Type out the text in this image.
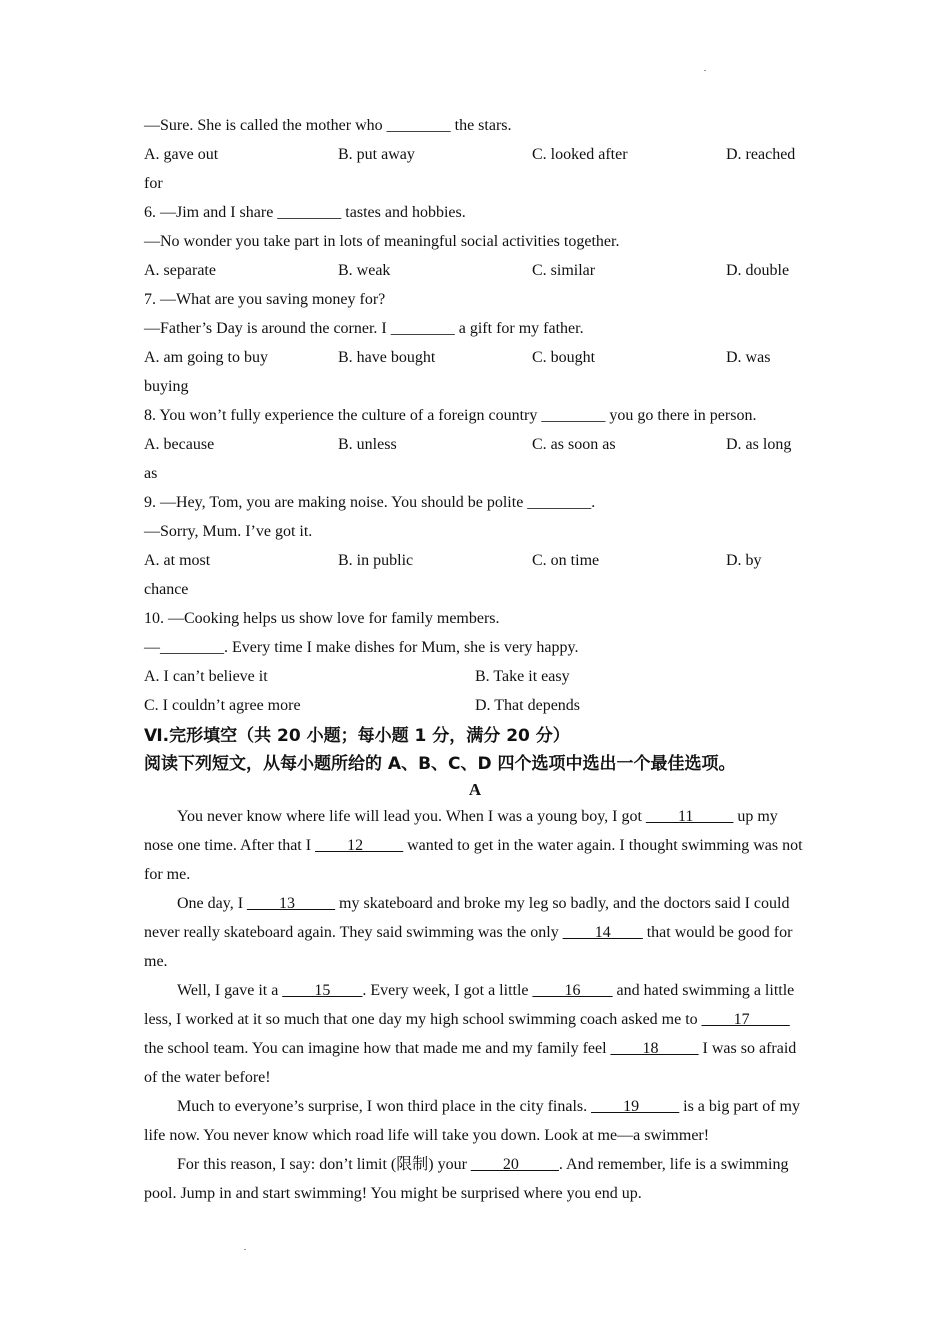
—Sure. She is called the mother who ________ the stars.
A. gave out	B. put away	C. looked after	D. reached
for
6. —Jim and I share ________ tastes and hobbies.
—No wonder you take part in lots of meaningful social activities together.
A. separate	B. weak	C. similar	D. double
7. —What are you saving money for?
—Father’s Day is around the corner. I ________ a gift for my father.
A. am going to buy	B. have bought	C. bought	D. was
buying
8. You won’t fully experience the culture of a foreign country ________ you go there in person.
A. because	B. unless	C. as soon as	D. as long
as
9. —Hey, Tom, you are making noise. You should be polite ________.
—Sorry, Mum. I’ve got it.
A. at most	B. in public	C. on time	D. by
chance
10. —Cooking helps us show love for family members.
—________. Every time I make dishes for Mum, she is very happy.
A. I can’t believe it	B. Take it easy
C. I couldn’t agree more	D. That depends
Ⅵ.完形填空（共 20 小题；每小题 1 分，满分 20 分）
阅读下列短文，从每小题所给的 A、B、C、D 四个选项中选出一个最佳选项。
A
You never know where life will lead you. When I was a young boy, I got ____11_____ up my nose one time. After that I ____12_____ wanted to get in the water again. I thought swimming was not for me.
One day, I ____13_____ my skateboard and broke my leg so badly, and the doctors said I could never really skateboard again. They said swimming was the only ____14____ that would be good for me.
Well, I gave it a ____15____. Every week, I got a little ____16____ and hated swimming a little less, I worked at it so much that one day my high school swimming coach asked me to ____17_____ the school team. You can imagine how that made me and my family feel ____18_____ I was so afraid of the water before!
Much to everyone’s surprise, I won third place in the city finals. ____19_____ is a big part of my life now. You never know which road life will take you down. Look at me—a swimmer!
For this reason, I say: don’t limit (限制) your ____20_____. And remember, life is a swimming pool. Jump in and start swimming! You might be surprised where you end up.
